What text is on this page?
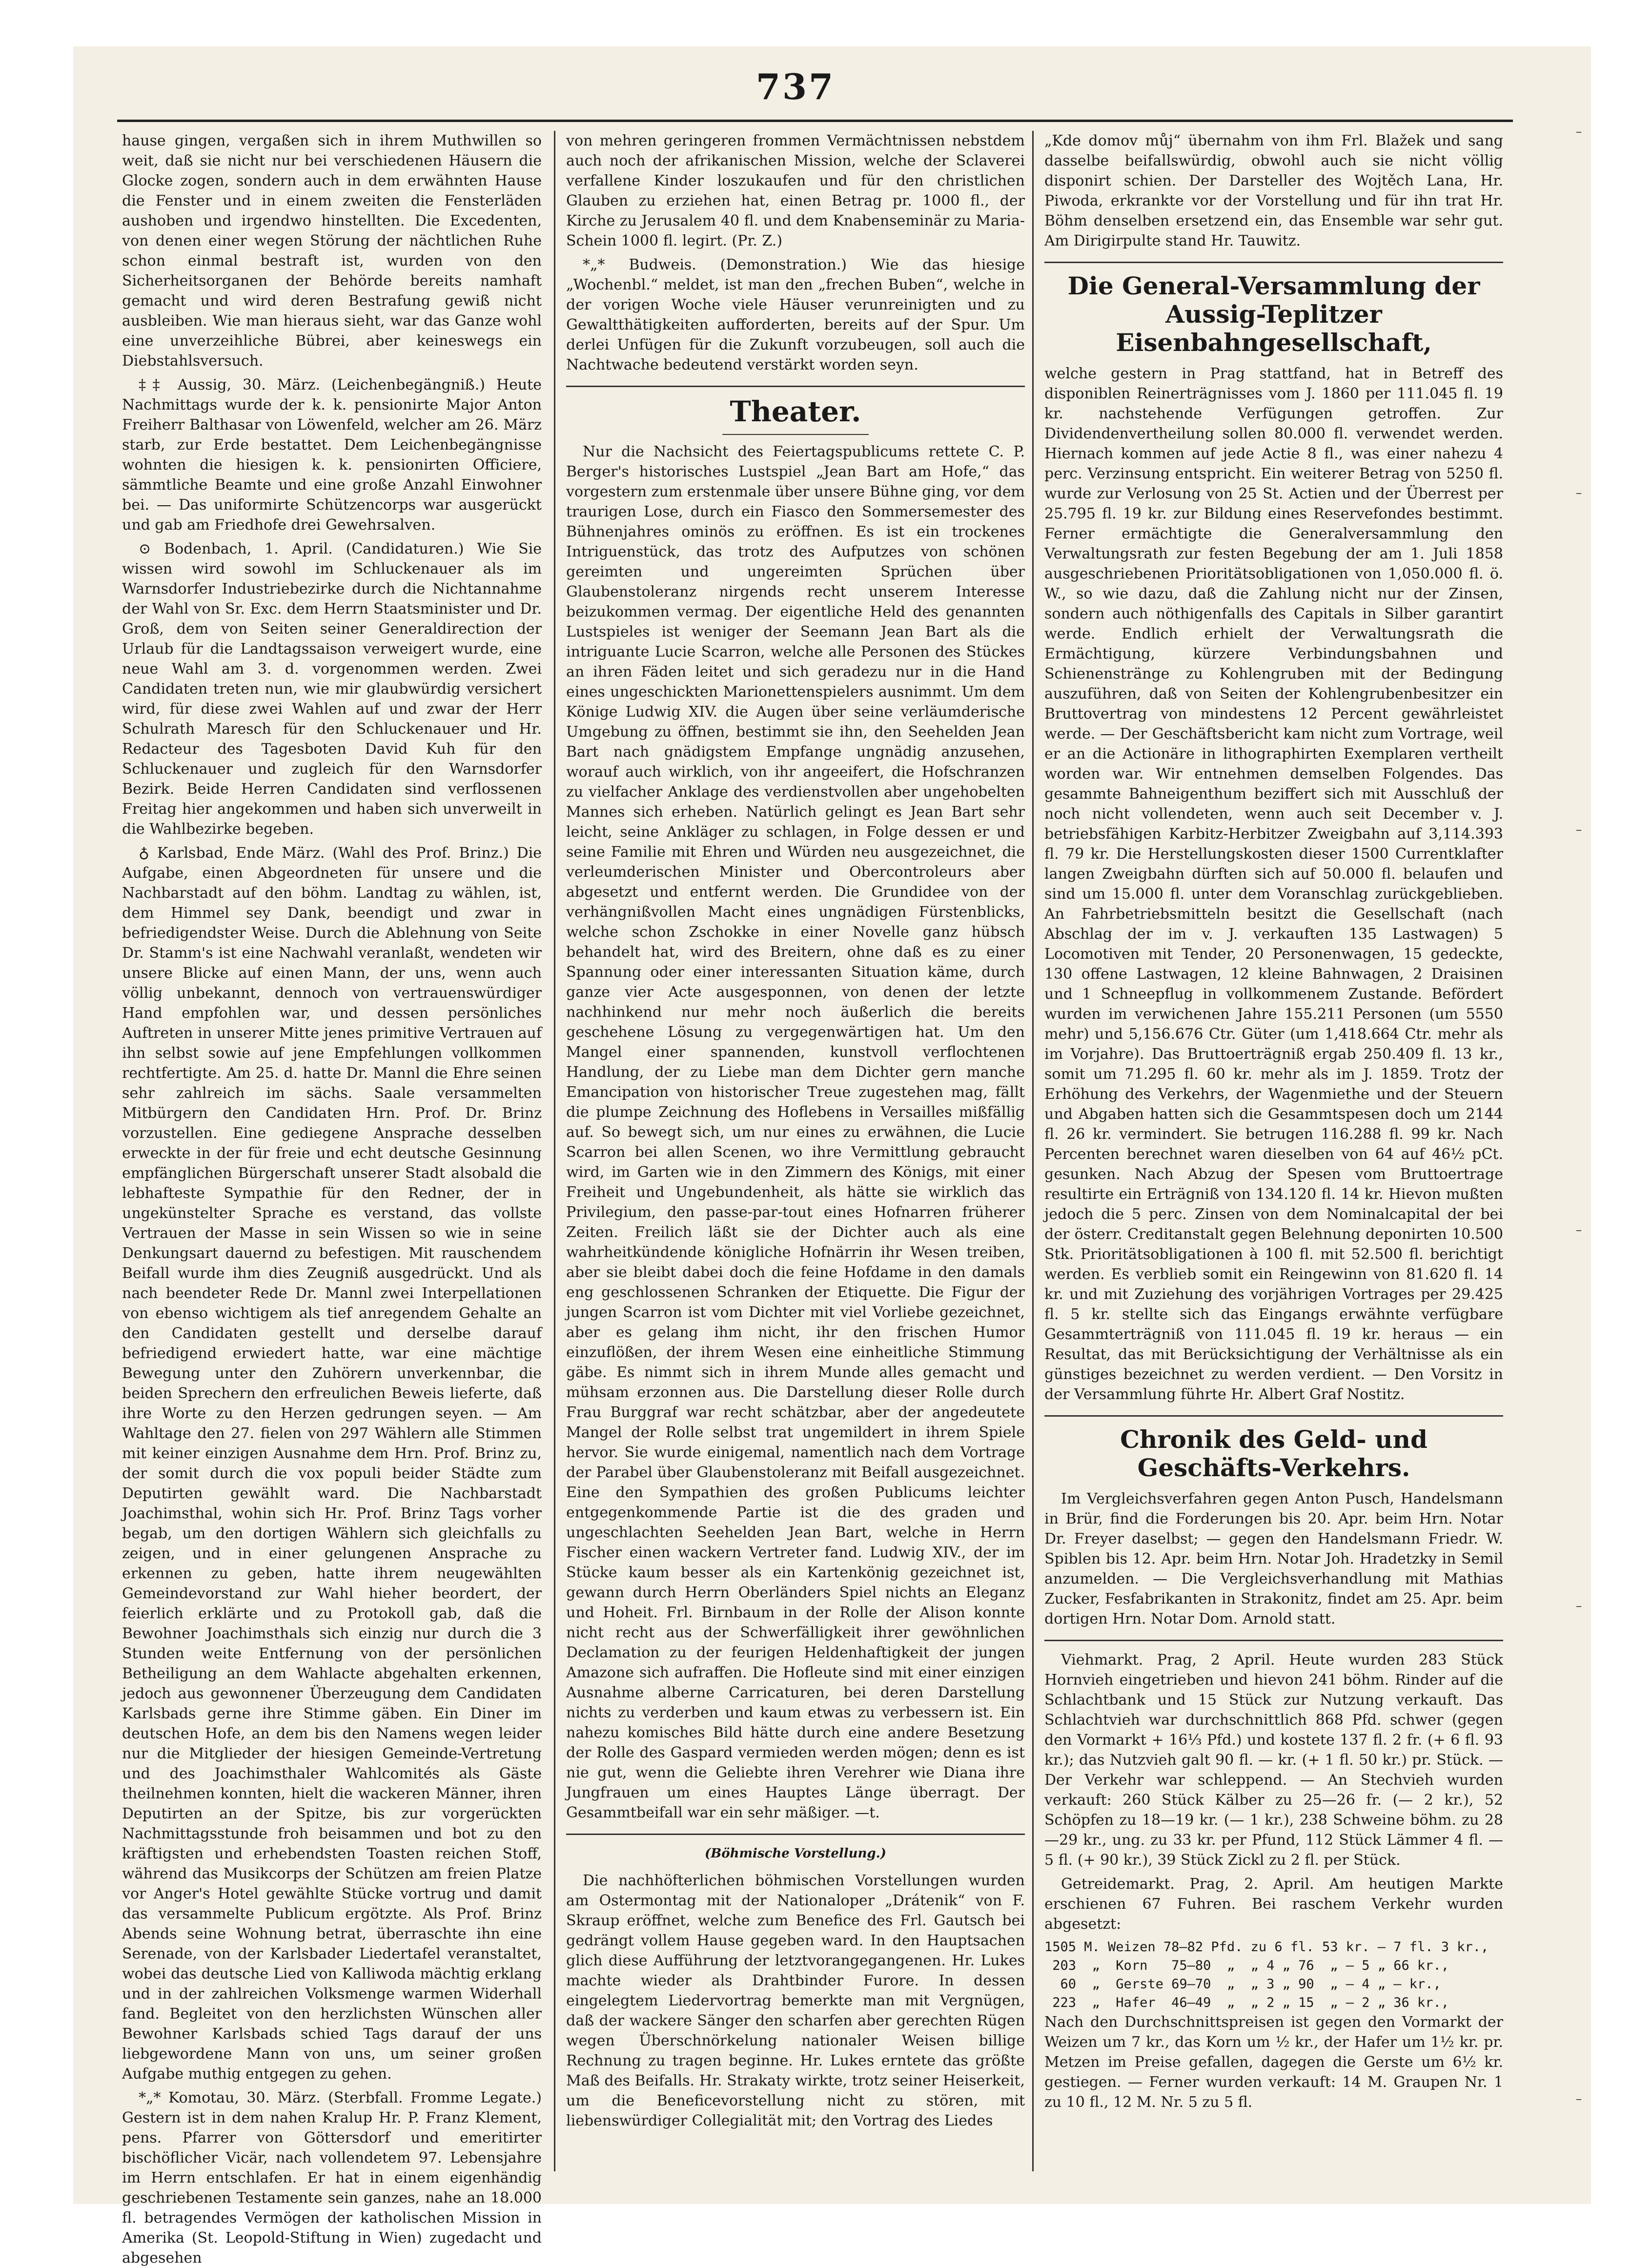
737

hause gingen, vergaßen sich in ihrem Muthwillen so weit, daß sie nicht nur bei verschiedenen Häusern die Glocke zogen, sondern auch in dem erwähnten Hause die Fenster und in einem zweiten die Fensterläden aushoben und irgendwo hinstellten. Die Excedenten, von denen einer wegen Störung der nächtlichen Ruhe schon einmal bestraft ist, wurden von den Sicherheitsorganen der Behörde bereits namhaft gemacht und wird deren Bestrafung gewiß nicht ausbleiben. Wie man hieraus sieht, war das Ganze wohl eine unverzeihliche Bübrei, aber keineswegs ein Diebstahlsversuch.

‡‡ Aussig, 30. März. (Leichenbegängniß.) Heute Nachmittags wurde der k. k. pensionirte Major Anton Freiherr Balthasar von Löwenfeld, welcher am 26. März starb, zur Erde bestattet. Dem Leichenbegängnisse wohnten die hiesigen k. k. pensionirten Officiere, sämmtliche Beamte und eine große Anzahl Einwohner bei. — Das uniformirte Schützencorps war ausgerückt und gab am Friedhofe drei Gewehrsalven.

⊙ Bodenbach, 1. April. (Candidaturen.) Wie Sie wissen wird sowohl im Schluckenauer als im Warnsdorfer Industriebezirke durch die Nichtannahme der Wahl von Sr. Exc. dem Herrn Staatsminister und Dr. Groß, dem von Seiten seiner Generaldirection der Urlaub für die Landtagssaison verweigert wurde, eine neue Wahl am 3. d. vorgenommen werden. Zwei Candidaten treten nun, wie mir glaubwürdig versichert wird, für diese zwei Wahlen auf und zwar der Herr Schulrath Maresch für den Schluckenauer und Hr. Redacteur des Tagesboten David Kuh für den Schluckenauer und zugleich für den Warnsdorfer Bezirk. Beide Herren Candidaten sind verflossenen Freitag hier angekommen und haben sich unverweilt in die Wahlbezirke begeben.

♁ Karlsbad, Ende März. (Wahl des Prof. Brinz.) Die Aufgabe, einen Abgeordneten für unsere und die Nachbarstadt auf den böhm. Landtag zu wählen, ist, dem Himmel sey Dank, beendigt und zwar in befriedigendster Weise. Durch die Ablehnung von Seite Dr. Stamm's ist eine Nachwahl veranlaßt, wendeten wir unsere Blicke auf einen Mann, der uns, wenn auch völlig unbekannt, dennoch von vertrauenswürdiger Hand empfohlen war, und dessen persönliches Auftreten in unserer Mitte jenes primitive Vertrauen auf ihn selbst sowie auf jene Empfehlungen vollkommen rechtfertigte. Am 25. d. hatte Dr. Mannl die Ehre seinen sehr zahlreich im sächs. Saale versammelten Mitbürgern den Candidaten Hrn. Prof. Dr. Brinz vorzustellen. Eine gediegene Ansprache desselben erweckte in der für freie und echt deutsche Gesinnung empfänglichen Bürgerschaft unserer Stadt alsobald die lebhafteste Sympathie für den Redner, der in ungekünstelter Sprache es verstand, das vollste Vertrauen der Masse in sein Wissen so wie in seine Denkungsart dauernd zu befestigen. Mit rauschendem Beifall wurde ihm dies Zeugniß ausgedrückt. Und als nach beendeter Rede Dr. Mannl zwei Interpellationen von ebenso wichtigem als tief anregendem Gehalte an den Candidaten gestellt und derselbe darauf befriedigend erwiedert hatte, war eine mächtige Bewegung unter den Zuhörern unverkennbar, die beiden Sprechern den erfreulichen Beweis lieferte, daß ihre Worte zu den Herzen gedrungen seyen. — Am Wahltage den 27. fielen von 297 Wählern alle Stimmen mit keiner einzigen Ausnahme dem Hrn. Prof. Brinz zu, der somit durch die vox populi beider Städte zum Deputirten gewählt ward. Die Nachbarstadt Joachimsthal, wohin sich Hr. Prof. Brinz Tags vorher begab, um den dortigen Wählern sich gleichfalls zu zeigen, und in einer gelungenen Ansprache zu erkennen zu geben, hatte ihrem neugewählten Gemeindevorstand zur Wahl hieher beordert, der feierlich erklärte und zu Protokoll gab, daß die Bewohner Joachimsthals sich einzig nur durch die 3 Stunden weite Entfernung von der persönlichen Betheiligung an dem Wahlacte abgehalten erkennen, jedoch aus gewonnener Überzeugung dem Candidaten Karlsbads gerne ihre Stimme gäben. Ein Diner im deutschen Hofe, an dem bis den Namens wegen leider nur die Mitglieder der hiesigen Gemeinde-Vertretung und des Joachimsthaler Wahlcomités als Gäste theilnehmen konnten, hielt die wackeren Männer, ihren Deputirten an der Spitze, bis zur vorgerückten Nachmittagsstunde froh beisammen und bot zu den kräftigsten und erhebendsten Toasten reichen Stoff, während das Musikcorps der Schützen am freien Platze vor Anger's Hotel gewählte Stücke vortrug und damit das versammelte Publicum ergötzte. Als Prof. Brinz Abends seine Wohnung betrat, überraschte ihn eine Serenade, von der Karlsbader Liedertafel veranstaltet, wobei das deutsche Lied von Kalliwoda mächtig erklang und in der zahlreichen Volksmenge warmen Widerhall fand. Begleitet von den herzlichsten Wünschen aller Bewohner Karlsbads schied Tags darauf der uns liebgewordene Mann von uns, um seiner großen Aufgabe muthig entgegen zu gehen.

*„* Komotau, 30. März. (Sterbfall. Fromme Legate.) Gestern ist in dem nahen Kralup Hr. P. Franz Klement, pens. Pfarrer von Göttersdorf und emeritirter bischöflicher Vicär, nach vollendetem 97. Lebensjahre im Herrn entschlafen. Er hat in einem eigenhändig geschriebenen Testamente sein ganzes, nahe an 18.000 fl. betragendes Vermögen der katholischen Mission in Amerika (St. Leopold-Stiftung in Wien) zugedacht und abgesehen

von mehren geringeren frommen Vermächtnissen nebstdem auch noch der afrikanischen Mission, welche der Sclaverei verfallene Kinder loszukaufen und für den christlichen Glauben zu erziehen hat, einen Betrag pr. 1000 fl., der Kirche zu Jerusalem 40 fl. und dem Knabenseminär zu Maria-Schein 1000 fl. legirt. (Pr. Z.)

*„* Budweis. (Demonstration.) Wie das hiesige „Wochenbl.“ meldet, ist man den „frechen Buben“, welche in der vorigen Woche viele Häuser verunreinigten und zu Gewaltthätigkeiten aufforderten, bereits auf der Spur. Um derlei Unfügen für die Zukunft vorzubeugen, soll auch die Nachtwache bedeutend verstärkt worden seyn.

Theater.

Nur die Nachsicht des Feiertagspublicums rettete C. P. Berger's historisches Lustspiel „Jean Bart am Hofe,“ das vorgestern zum erstenmale über unsere Bühne ging, vor dem traurigen Lose, durch ein Fiasco den Sommersemester des Bühnenjahres ominös zu eröffnen. Es ist ein trockenes Intriguenstück, das trotz des Aufputzes von schönen gereimten und ungereimten Sprüchen über Glaubenstoleranz nirgends recht unserem Interesse beizukommen vermag. Der eigentliche Held des genannten Lustspieles ist weniger der Seemann Jean Bart als die intriguante Lucie Scarron, welche alle Personen des Stückes an ihren Fäden leitet und sich geradezu nur in die Hand eines ungeschickten Marionettenspielers ausnimmt. Um dem Könige Ludwig XIV. die Augen über seine verläumderische Umgebung zu öffnen, bestimmt sie ihn, den Seehelden Jean Bart nach gnädigstem Empfange ungnädig anzusehen, worauf auch wirklich, von ihr angeeifert, die Hofschranzen zu vielfacher Anklage des verdienstvollen aber ungehobelten Mannes sich erheben. Natürlich gelingt es Jean Bart sehr leicht, seine Ankläger zu schlagen, in Folge dessen er und seine Familie mit Ehren und Würden neu ausgezeichnet, die verleumderischen Minister und Obercontroleurs aber abgesetzt und entfernt werden. Die Grundidee von der verhängnißvollen Macht eines ungnädigen Fürstenblicks, welche schon Zschokke in einer Novelle ganz hübsch behandelt hat, wird des Breitern, ohne daß es zu einer Spannung oder einer interessanten Situation käme, durch ganze vier Acte ausgesponnen, von denen der letzte nachhinkend nur mehr noch äußerlich die bereits geschehene Lösung zu vergegenwärtigen hat. Um den Mangel einer spannenden, kunstvoll verflochtenen Handlung, der zu Liebe man dem Dichter gern manche Emancipation von historischer Treue zugestehen mag, fällt die plumpe Zeichnung des Hoflebens in Versailles mißfällig auf. So bewegt sich, um nur eines zu erwähnen, die Lucie Scarron bei allen Scenen, wo ihre Vermittlung gebraucht wird, im Garten wie in den Zimmern des Königs, mit einer Freiheit und Ungebundenheit, als hätte sie wirklich das Privilegium, den passe-par-tout eines Hofnarren früherer Zeiten. Freilich läßt sie der Dichter auch als eine wahrheitkündende königliche Hofnärrin ihr Wesen treiben, aber sie bleibt dabei doch die feine Hofdame in den damals eng geschlossenen Schranken der Etiquette. Die Figur der jungen Scarron ist vom Dichter mit viel Vorliebe gezeichnet, aber es gelang ihm nicht, ihr den frischen Humor einzuflößen, der ihrem Wesen eine einheitliche Stimmung gäbe. Es nimmt sich in ihrem Munde alles gemacht und mühsam erzonnen aus. Die Darstellung dieser Rolle durch Frau Burggraf war recht schätzbar, aber der angedeutete Mangel der Rolle selbst trat ungemildert in ihrem Spiele hervor. Sie wurde einigemal, namentlich nach dem Vortrage der Parabel über Glaubenstoleranz mit Beifall ausgezeichnet. Eine den Sympathien des großen Publicums leichter entgegenkommende Partie ist die des graden und ungeschlachten Seehelden Jean Bart, welche in Herrn Fischer einen wackern Vertreter fand. Ludwig XIV., der im Stücke kaum besser als ein Kartenkönig gezeichnet ist, gewann durch Herrn Oberländers Spiel nichts an Eleganz und Hoheit. Frl. Birnbaum in der Rolle der Alison konnte nicht recht aus der Schwerfälligkeit ihrer gewöhnlichen Declamation zu der feurigen Heldenhaftigkeit der jungen Amazone sich aufraffen. Die Hofleute sind mit einer einzigen Ausnahme alberne Carricaturen, bei deren Darstellung nichts zu verderben und kaum etwas zu verbessern ist. Ein nahezu komisches Bild hätte durch eine andere Besetzung der Rolle des Gaspard vermieden werden mögen; denn es ist nie gut, wenn die Geliebte ihren Verehrer wie Diana ihre Jungfrauen um eines Hauptes Länge überragt. Der Gesammtbeifall war ein sehr mäßiger. —t.

(Böhmische Vorstellung.)

Die nachhöfterlichen böhmischen Vorstellungen wurden am Ostermontag mit der Nationaloper „Drátenik“ von F. Skraup eröffnet, welche zum Benefice des Frl. Gautsch bei gedrängt vollem Hause gegeben ward. In den Hauptsachen glich diese Aufführung der letztvorangegangenen. Hr. Lukes machte wieder als Drahtbinder Furore. In dessen eingelegtem Liedervortrag bemerkte man mit Vergnügen, daß der wackere Sänger den scharfen aber gerechten Rügen wegen Überschnörkelung nationaler Weisen billige Rechnung zu tragen beginne. Hr. Lukes erntete das größte Maß des Beifalls. Hr. Strakaty wirkte, trotz seiner Heiserkeit, um die Beneficevorstellung nicht zu stören, mit liebenswürdiger Collegialität mit; den Vortrag des Liedes

„Kde domov můj“ übernahm von ihm Frl. Blažek und sang dasselbe beifallswürdig, obwohl auch sie nicht völlig disponirt schien. Der Darsteller des Wojtěch Lana, Hr. Piwoda, erkrankte vor der Vorstellung und für ihn trat Hr. Böhm denselben ersetzend ein, das Ensemble war sehr gut. Am Dirigirpulte stand Hr. Tauwitz.

Die General-Versammlung der Aussig-Teplitzer Eisenbahngesellschaft,

welche gestern in Prag stattfand, hat in Betreff des disponiblen Reinerträgnisses vom J. 1860 per 111.045 fl. 19 kr. nachstehende Verfügungen getroffen. Zur Dividendenvertheilung sollen 80.000 fl. verwendet werden. Hiernach kommen auf jede Actie 8 fl., was einer nahezu 4 perc. Verzinsung entspricht. Ein weiterer Betrag von 5250 fl. wurde zur Verlosung von 25 St. Actien und der Überrest per 25.795 fl. 19 kr. zur Bildung eines Reservefondes bestimmt. Ferner ermächtigte die Generalversammlung den Verwaltungsrath zur festen Begebung der am 1. Juli 1858 ausgeschriebenen Prioritätsobligationen von 1,050.000 fl. ö. W., so wie dazu, daß die Zahlung nicht nur der Zinsen, sondern auch nöthigenfalls des Capitals in Silber garantirt werde. Endlich erhielt der Verwaltungsrath die Ermächtigung, kürzere Verbindungsbahnen und Schienenstränge zu Kohlengruben mit der Bedingung auszuführen, daß von Seiten der Kohlengrubenbesitzer ein Bruttovertrag von mindestens 12 Percent gewährleistet werde. — Der Geschäftsbericht kam nicht zum Vortrage, weil er an die Actionäre in lithographirten Exemplaren vertheilt worden war. Wir entnehmen demselben Folgendes. Das gesammte Bahneigenthum beziffert sich mit Ausschluß der noch nicht vollendeten, wenn auch seit December v. J. betriebsfähigen Karbitz-Herbitzer Zweigbahn auf 3,114.393 fl. 79 kr. Die Herstellungskosten dieser 1500 Currentklafter langen Zweigbahn dürften sich auf 50.000 fl. belaufen und sind um 15.000 fl. unter dem Voranschlag zurückgeblieben. An Fahrbetriebsmitteln besitzt die Gesellschaft (nach Abschlag der im v. J. verkauften 135 Lastwagen) 5 Locomotiven mit Tender, 20 Personenwagen, 15 gedeckte, 130 offene Lastwagen, 12 kleine Bahnwagen, 2 Draisinen und 1 Schneepflug in vollkommenem Zustande. Befördert wurden im verwichenen Jahre 155.211 Personen (um 5550 mehr) und 5,156.676 Ctr. Güter (um 1,418.664 Ctr. mehr als im Vorjahre). Das Bruttoerträgniß ergab 250.409 fl. 13 kr., somit um 71.295 fl. 60 kr. mehr als im J. 1859. Trotz der Erhöhung des Verkehrs, der Wagenmiethe und der Steuern und Abgaben hatten sich die Gesammtspesen doch um 2144 fl. 26 kr. vermindert. Sie betrugen 116.288 fl. 99 kr. Nach Percenten berechnet waren dieselben von 64 auf 46½ pCt. gesunken. Nach Abzug der Spesen vom Bruttoertrage resultirte ein Erträgniß von 134.120 fl. 14 kr. Hievon mußten jedoch die 5 perc. Zinsen von dem Nominalcapital der bei der österr. Creditanstalt gegen Belehnung deponirten 10.500 Stk. Prioritätsobligationen à 100 fl. mit 52.500 fl. berichtigt werden. Es verblieb somit ein Reingewinn von 81.620 fl. 14 kr. und mit Zuziehung des vorjährigen Vortrages per 29.425 fl. 5 kr. stellte sich das Eingangs erwähnte verfügbare Gesammterträgniß von 111.045 fl. 19 kr. heraus — ein Resultat, das mit Berücksichtigung der Verhältnisse als ein günstiges bezeichnet zu werden verdient. — Den Vorsitz in der Versammlung führte Hr. Albert Graf Nostitz.

Chronik des Geld- und Geschäfts-Verkehrs.

Im Vergleichsverfahren gegen Anton Pusch, Handelsmann in Brür, find die Forderungen bis 20. Apr. beim Hrn. Notar Dr. Freyer daselbst; — gegen den Handelsmann Friedr. W. Spiblen bis 12. Apr. beim Hrn. Notar Joh. Hradetzky in Semil anzumelden. — Die Vergleichsverhandlung mit Mathias Zucker, Fesfabrikanten in Strakonitz, findet am 25. Apr. beim dortigen Hrn. Notar Dom. Arnold statt.

Viehmarkt. Prag, 2 April. Heute wurden 283 Stück Hornvieh eingetrieben und hievon 241 böhm. Rinder auf die Schlachtbank und 15 Stück zur Nutzung verkauft. Das Schlachtvieh war durchschnittlich 868 Pfd. schwer (gegen den Vormarkt + 16⅓ Pfd.) und kostete 137 fl. 2 fr. (+ 6 fl. 93 kr.); das Nutzvieh galt 90 fl. — kr. (+ 1 fl. 50 kr.) pr. Stück. — Der Verkehr war schleppend. — An Stechvieh wurden verkauft: 260 Stück Kälber zu 25—26 fr. (— 2 kr.), 52 Schöpfen zu 18—19 kr. (— 1 kr.), 238 Schweine böhm. zu 28—29 kr., ung. zu 33 kr. per Pfund, 112 Stück Lämmer 4 fl. — 5 fl. (+ 90 kr.), 39 Stück Zickl zu 2 fl. per Stück.

Getreidemarkt. Prag, 2. April. Am heutigen Markte erschienen 67 Fuhren. Bei raschem Verkehr wurden abgesetzt:

1505 M. Weizen 78—82 Pfd. zu 6 fl. 53 kr. — 7 fl. 3 kr.,
203  „  Korn   75—80  „  „ 4 „ 76  „ — 5 „ 66 kr.,
60  „  Gerste 69—70  „  „ 3 „ 90  „ — 4 „ — kr.,
223  „  Hafer  46—49  „  „ 2 „ 15  „ — 2 „ 36 kr.,

Nach den Durchschnittspreisen ist gegen den Vormarkt der Weizen um 7 kr., das Korn um ½ kr., der Hafer um 1½ kr. pr. Metzen im Preise gefallen, dagegen die Gerste um 6½ kr. gestiegen. — Ferner wurden verkauft: 14 M. Graupen Nr. 1 zu 10 fl., 12 M. Nr. 5 zu 5 fl.
